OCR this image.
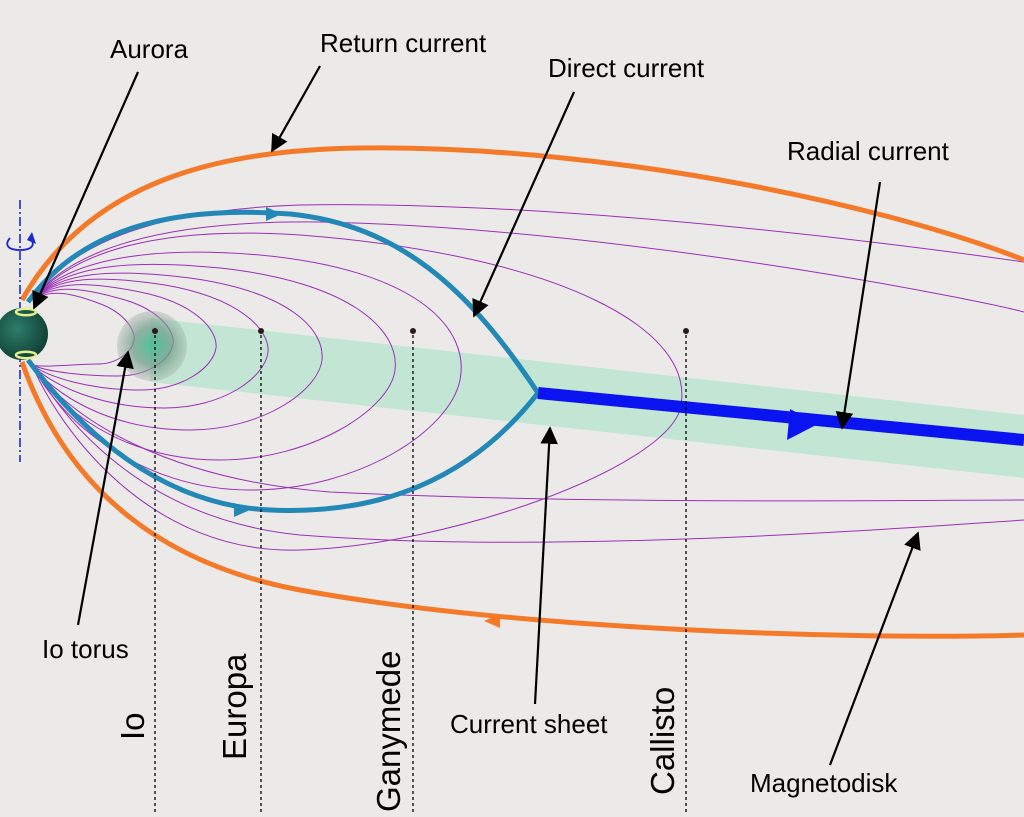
Aurora	Return current
Direct current
Radial current
Io torus
Current sheet
Magnetodisk
Io Europa	Ganymede	Callisto
